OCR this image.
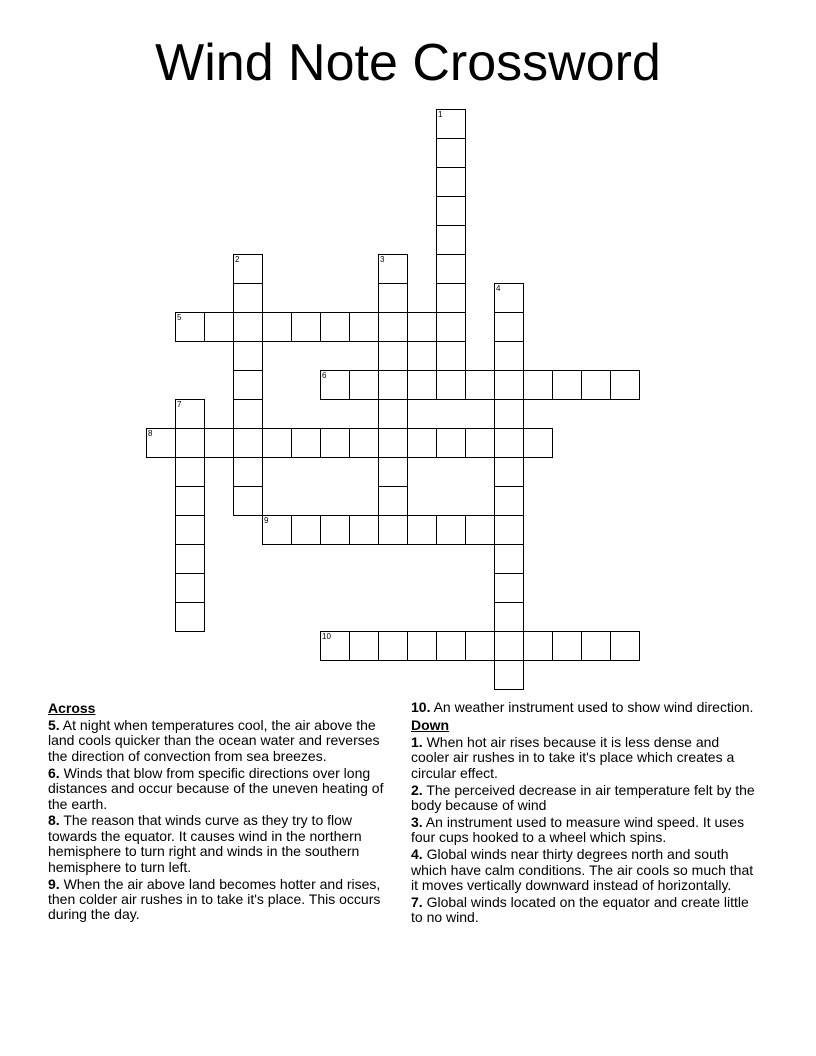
Wind Note Crossword
1
2	3
4
5
6
7
8
9
10
Across
5. At night when temperatures cool, the air above the land cools quicker than the ocean water and reverses the direction of convection from sea breezes.
6. Winds that blow from specific directions over long distances and occur because of the uneven heating of the earth.
8. The reason that winds curve as they try to flow towards the equator. It causes wind in the northern hemisphere to turn right and winds in the southern hemisphere to turn left.
9. When the air above land becomes hotter and rises, then colder air rushes in to take it's place. This occurs during the day.
10. An weather instrument used to show wind direction.
Down
1. When hot air rises because it is less dense and cooler air rushes in to take it's place which creates a circular effect.
2. The perceived decrease in air temperature felt by the body because of wind
3. An instrument used to measure wind speed. It uses four cups hooked to a wheel which spins.
4. Global winds near thirty degrees north and south which have calm conditions. The air cools so much that it moves vertically downward instead of horizontally.
7. Global winds located on the equator and create little to no wind.
